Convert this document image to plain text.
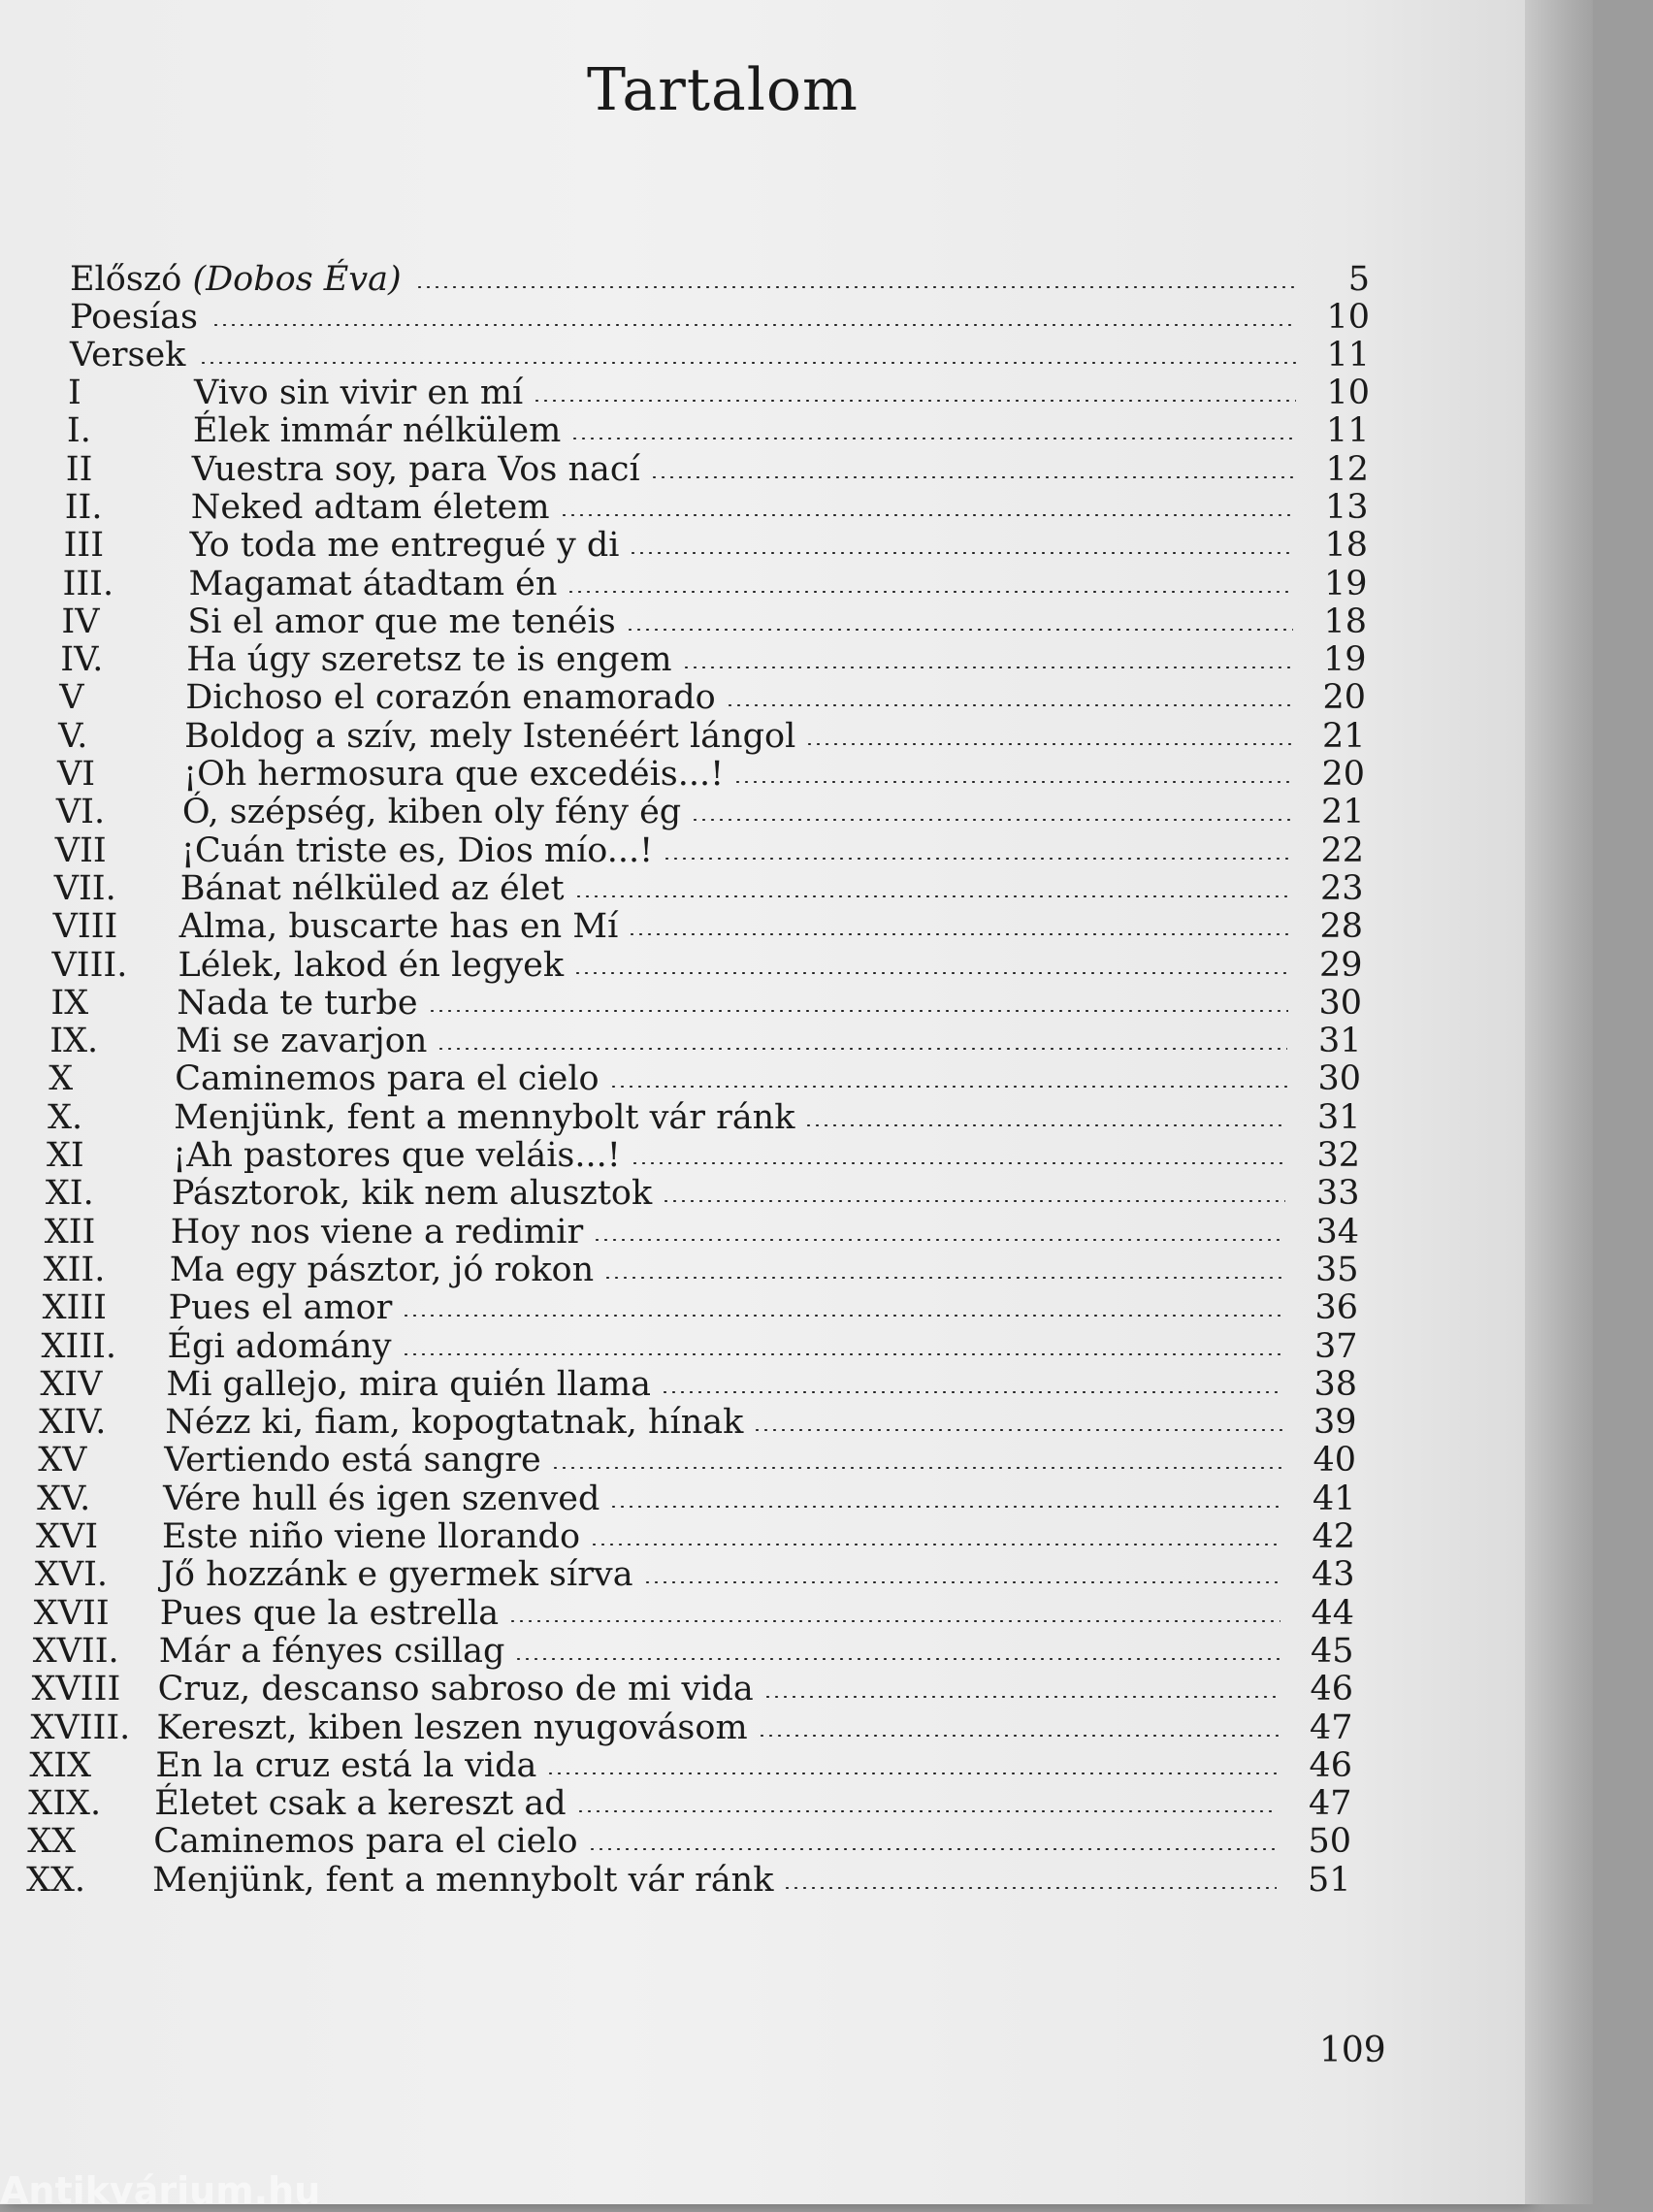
Tartalom
Előszó (Dobos Éva)	5
Poesías	10
Versek	11
I	Vivo sin vivir en mí	10
I.	Élek immár nélkülem	11
II	Vuestra soy, para Vos nací	12
II.	Neked adtam életem	13
III	Yo toda me entregué y di	18
III.	Magamat átadtam én	19
IV	Si el amor que me tenéis	18
IV.	Ha úgy szeretsz te is engem	19
V	Dichoso el corazón enamorado	20
V.	Boldog a szív, mely Istenéért lángol	21
VI	¡Oh hermosura que excedéis...!	20
VI.	Ó, szépség, kiben oly fény ég	21
VII	¡Cuán triste es, Dios mío...!	22
VII.	Bánat nélküled az élet	23
VIII	Alma, buscarte has en Mí	28
VIII.	Lélek, lakod én legyek	29
IX	Nada te turbe	30
IX.	Mi se zavarjon	31
X	Caminemos para el cielo	30
X.	Menjünk, fent a mennybolt vár ránk	31
XI	¡Ah pastores que veláis...!	32
XI.	Pásztorok, kik nem alusztok	33
XII	Hoy nos viene a redimir	34
XII.	Ma egy pásztor, jó rokon	35
XIII	Pues el amor	36
XIII.	Égi adomány	37
XIV	Mi gallejo, mira quién llama	38
XIV.	Nézz ki, fiam, kopogtatnak, hínak	39
XV	Vertiendo está sangre	40
XV.	Vére hull és igen szenved	41
XVI	Este niño viene llorando	42
XVI.	Jő hozzánk e gyermek sírva	43
XVII	Pues que la estrella	44
XVII.	Már a fényes csillag	45
XVIII	Cruz, descanso sabroso de mi vida	46
XVIII. Kereszt, kiben leszen nyugovásom	47
XIX	En la cruz está la vida	46
XIX.	Életet csak a kereszt ad	47
XX	Caminemos para el cielo	50
XX.	Menjünk, fent a mennybolt vár ránk	51
109
Antikvárium.hu
